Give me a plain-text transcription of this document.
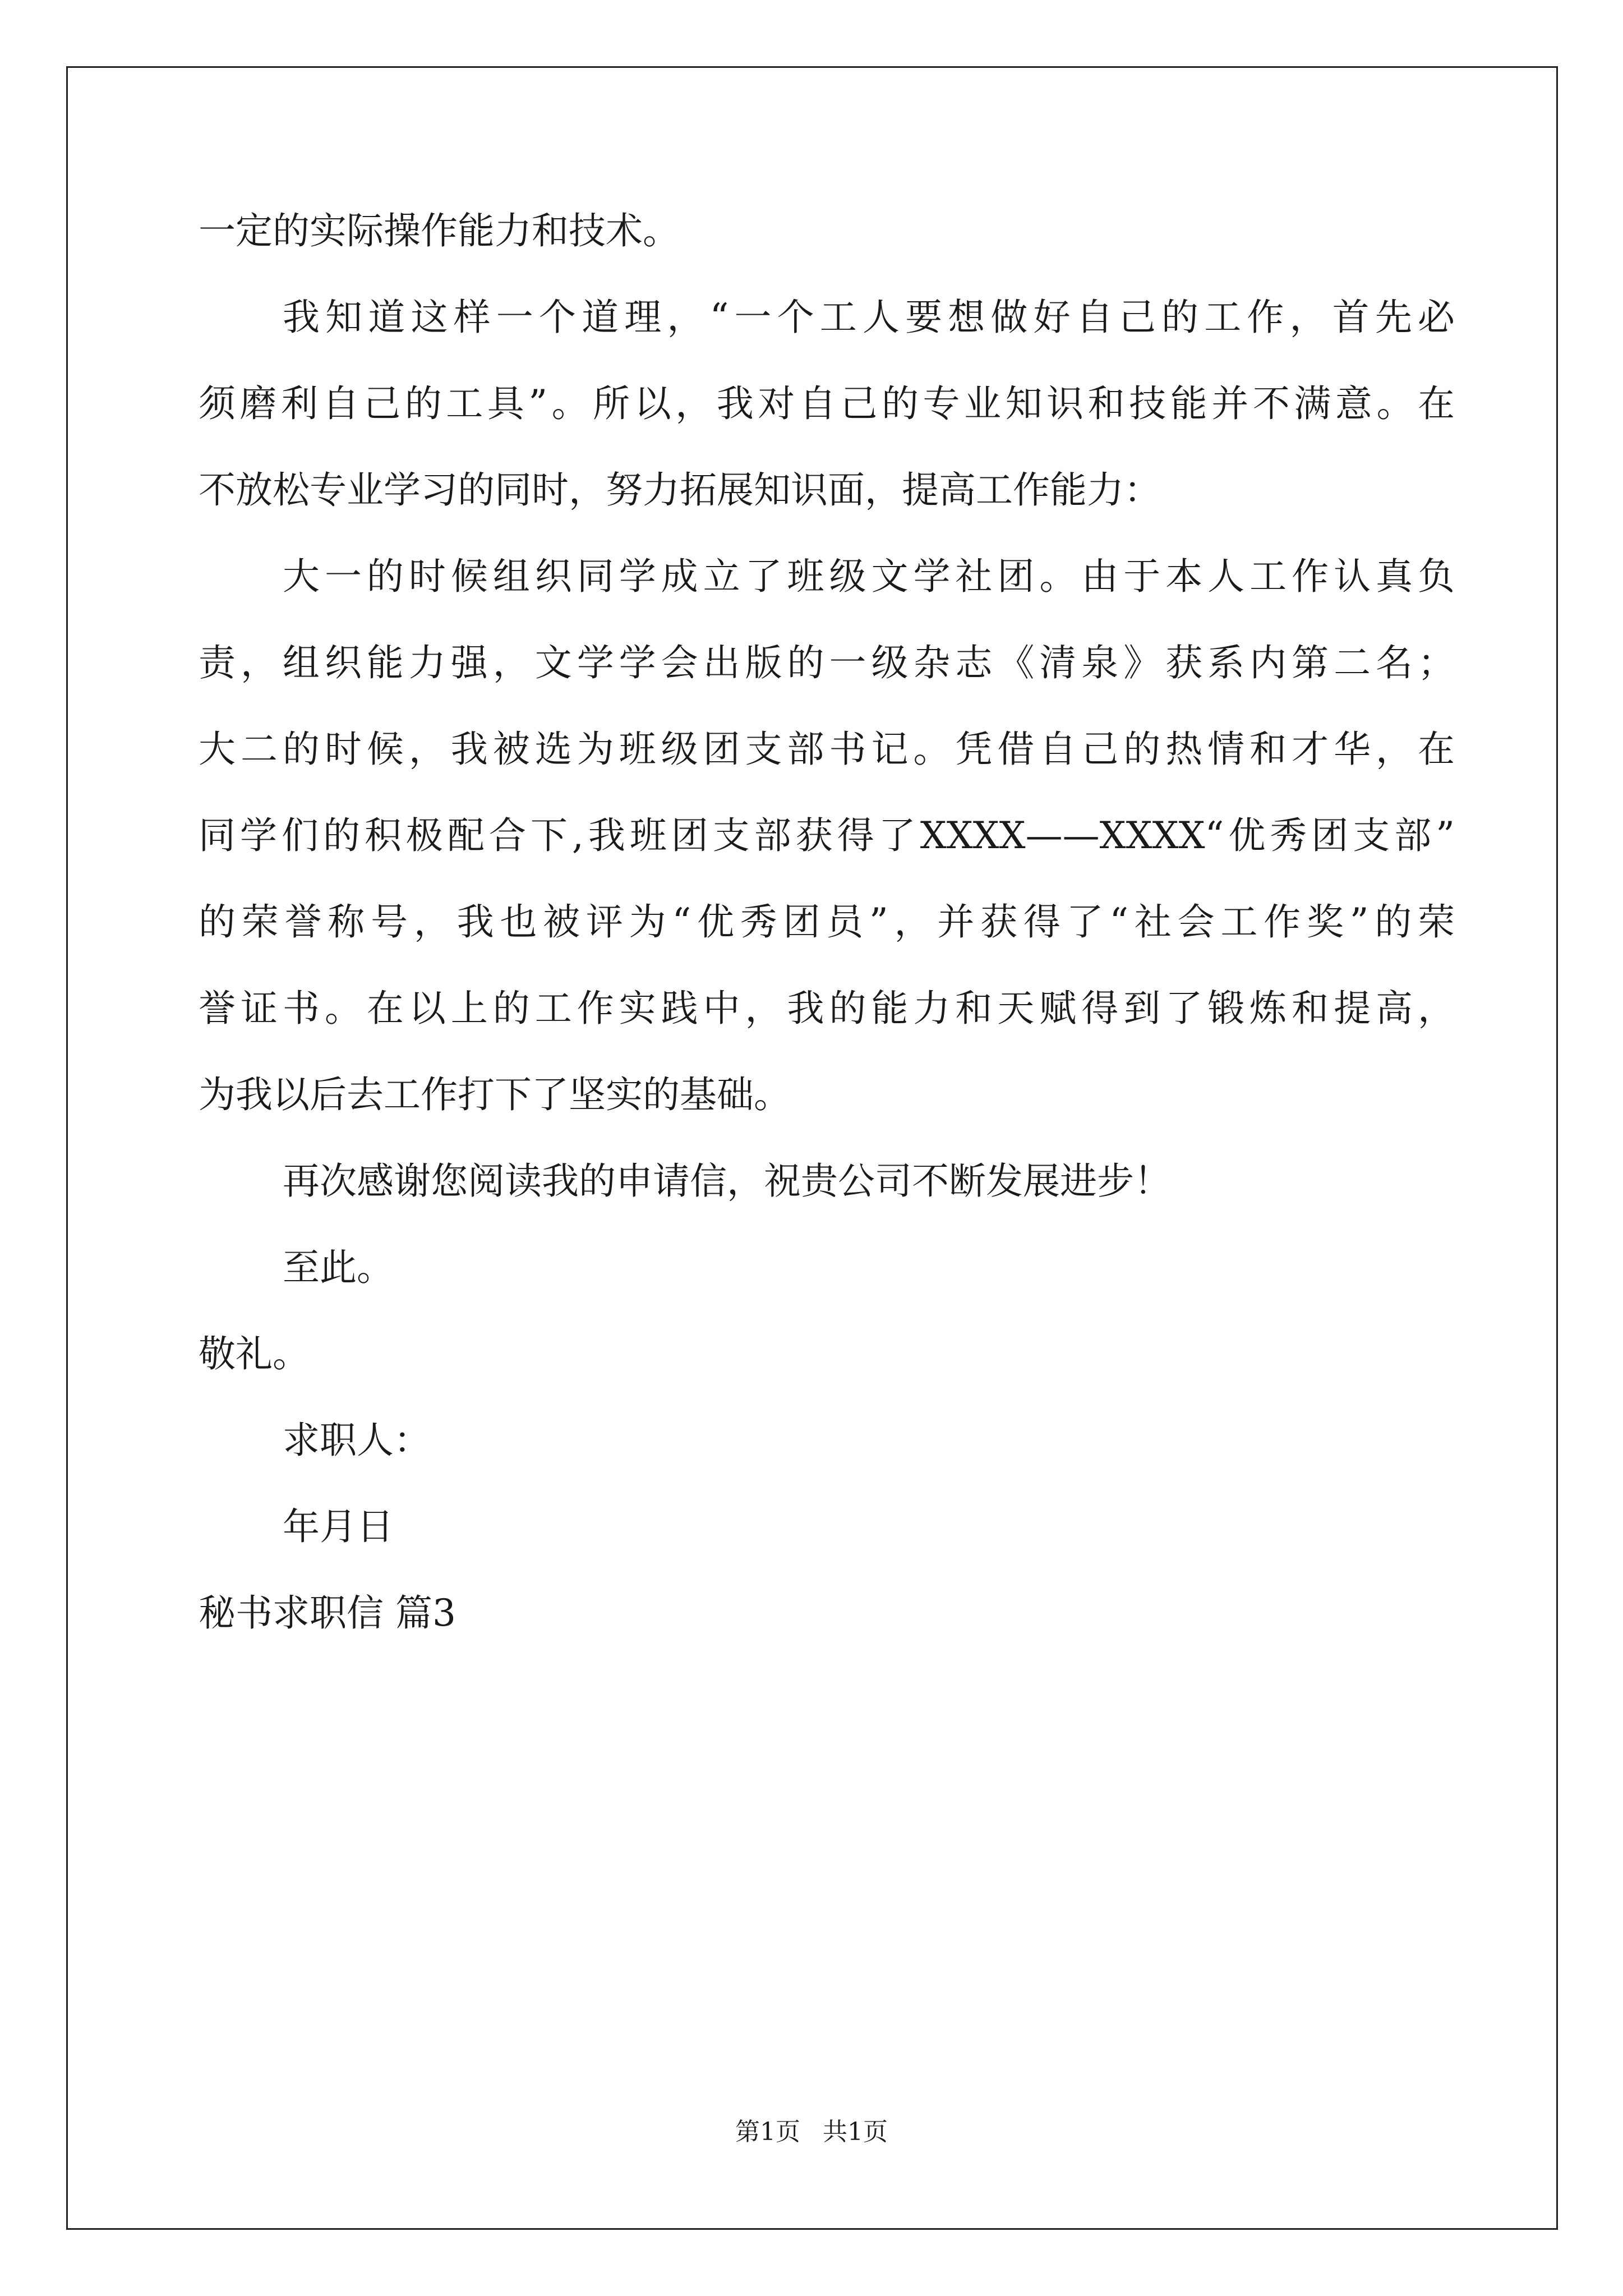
一定的实际操作能力和技术。
我知道这样一个道理，“一个工人要想做好自己的工作，首先必
须磨利自己的工具”。所以，我对自己的专业知识和技能并不满意。在
不放松专业学习的同时，努力拓展知识面，提高工作能力：
大一的时候组织同学成立了班级文学社团。由于本人工作认真负
责，组织能力强，文学学会出版的一级杂志《清泉》获系内第二名；
大二的时候，我被选为班级团支部书记。凭借自己的热情和才华，在
同学们的积极配合下,我班团支部获得了XXXX——XXXX“优秀团支部”
的荣誉称号，我也被评为“优秀团员”，并获得了“社会工作奖”的荣
誉证书。在以上的工作实践中，我的能力和天赋得到了锻炼和提高，
为我以后去工作打下了坚实的基础。
再次感谢您阅读我的申请信，祝贵公司不断发展进步！
至此。
敬礼。
求职人：
年月日
秘书求职信 篇3
第1页 共1页
